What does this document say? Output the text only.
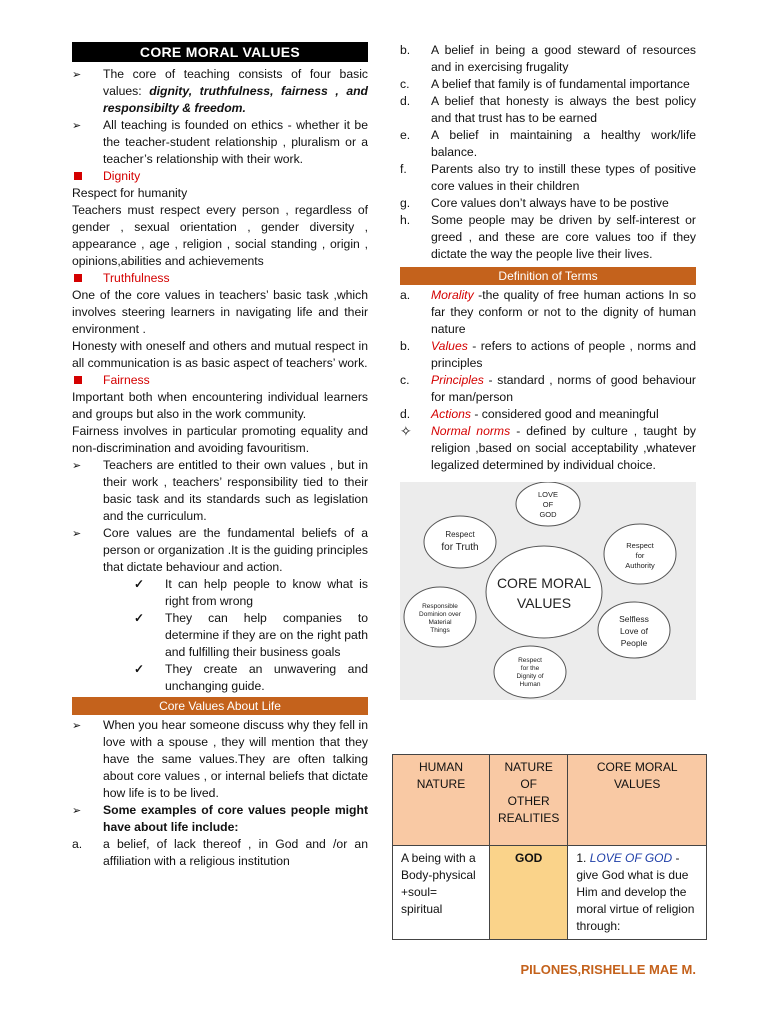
CORE MORAL VALUES
➢
The core of teaching consists of four basic values: dignity, truthfulness, fairness , and responsibilty & freedom.
➢
All teaching is founded on ethics - whether it be the teacher-student relationship , pluralism or a teacher’s relationship with their work.
Dignity

Respect for humanity

Teachers must respect every person , regardless of gender , sexual orientation , gender diversity , appearance , age , religion , social standing , origin , opinions,abilities and achievements

Truthfulness

One of the core values in teachers’ basic task ,which involves steering learners in navigating life and their environment .

Honesty with oneself and others and mutual respect in all communication is as basic aspect of teachers’ work.

Fairness

Important both when encountering individual learners and groups but also in the work community.

Fairness involves in particular promoting equality and non-discrimination and avoiding favouritism.

➢
Teachers are entitled to their own values , but in their work , teachers’ responsibility tied to their basic task and its standards such as legislation and the curriculum.
➢
Core values are the fundamental beliefs of a person or organization .It is the guiding principles that dictate behaviour and action.
✓
It can help people to know what is right from wrong
✓
They can help companies to determine if they are on the right path and fulfilling their business goals
✓
They create an unwavering and unchanging guide.
Core Values About Life
➢
When you hear someone discuss why they fell in love with a spouse , they will mention that they have the same values.They are often talking about core values , or internal beliefs that dictate how life is to be lived.
➢
Some examples of core values people might have about life include:
a.	a belief, of lack thereof , in God and /or an affiliation with a religious institution
b.	A belief in being a good steward of resources and in exercising frugality
c.	A belief that family is of fundamental importance
d.	A belief that honesty is always the best policy and that trust has to be earned
e.	A belief in maintaining a healthy work/life balance.
f.	Parents also try to instill these types of positive core values in their children
g.	Core values don’t always have to be postive
h.	Some people may be driven by self-interest or greed , and these are core values too if they dictate the way the people live their lives.
Definition of Terms
a.	Morality -the quality of free human actions In so far they conform or not to the dignity of human nature
b.	Values - refers to actions of people , norms and principles
c.	Principles - standard , norms of good behaviour for man/person
d.	Actions - considered good and meaningful
✧
Normal norms - defined by culture , taught by religion ,based on social acceptability ,whatever legalized determined by individual choice.
CORE MORAL
VALUES
LOVE
OF
GOD
Respect
for Truth	Respect
for
Authority
Responsible
Dominion over
Material
Things
Selfless
Love of
People
Respect
for the
Dignity of
Human
HUMAN NATURE	NATURE OF OTHER REALITIES	CORE MORAL VALUES
A being with a Body-physical +soul= spiritual	GOD	1. LOVE OF GOD - give God what is due Him and develop the moral virtue of religion through:
PILONES,RISHELLE MAE M.
